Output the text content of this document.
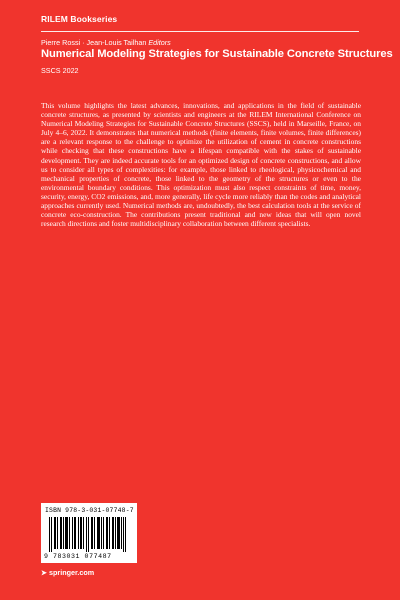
RILEM Bookseries
Pierre Rossi · Jean-Louis Tailhan Editors
Numerical Modeling Strategies for Sustainable Concrete Structures
SSCS 2022

This volume highlights the latest advances, innovations, and applications in the field of sustainable concrete structures, as presented by scientists and engineers at the RILEM International Conference on Numerical Modeling Strategies for Sustainable Concrete Structures (SSCS), held in Marseille, France, on July 4–6, 2022. It demonstrates that numerical methods (finite elements, finite volumes, finite differences) are a relevant response to the challenge to optimize the utilization of cement in concrete constructions while checking that these constructions have a lifespan compatible with the stakes of sustainable development. They are indeed accurate tools for an optimized design of concrete constructions, and allow us to consider all types of complexities: for example, those linked to rheological, physicochemical and mechanical properties of concrete, those linked to the geometry of the structures or even to the environmental boundary conditions. This optimization must also respect constraints of time, money, security, energy, CO2 emissions, and, more generally, life cycle more reliably than the codes and analytical approaches currently used. Numerical methods are, undoubtedly, the best calculation tools at the service of concrete eco-construction. The contributions present traditional and new ideas that will open novel research directions and foster multidisciplinary collaboration between different specialists.

ISBN 978-3-031-07748-7
9 783031 077487
➤ springer.com
